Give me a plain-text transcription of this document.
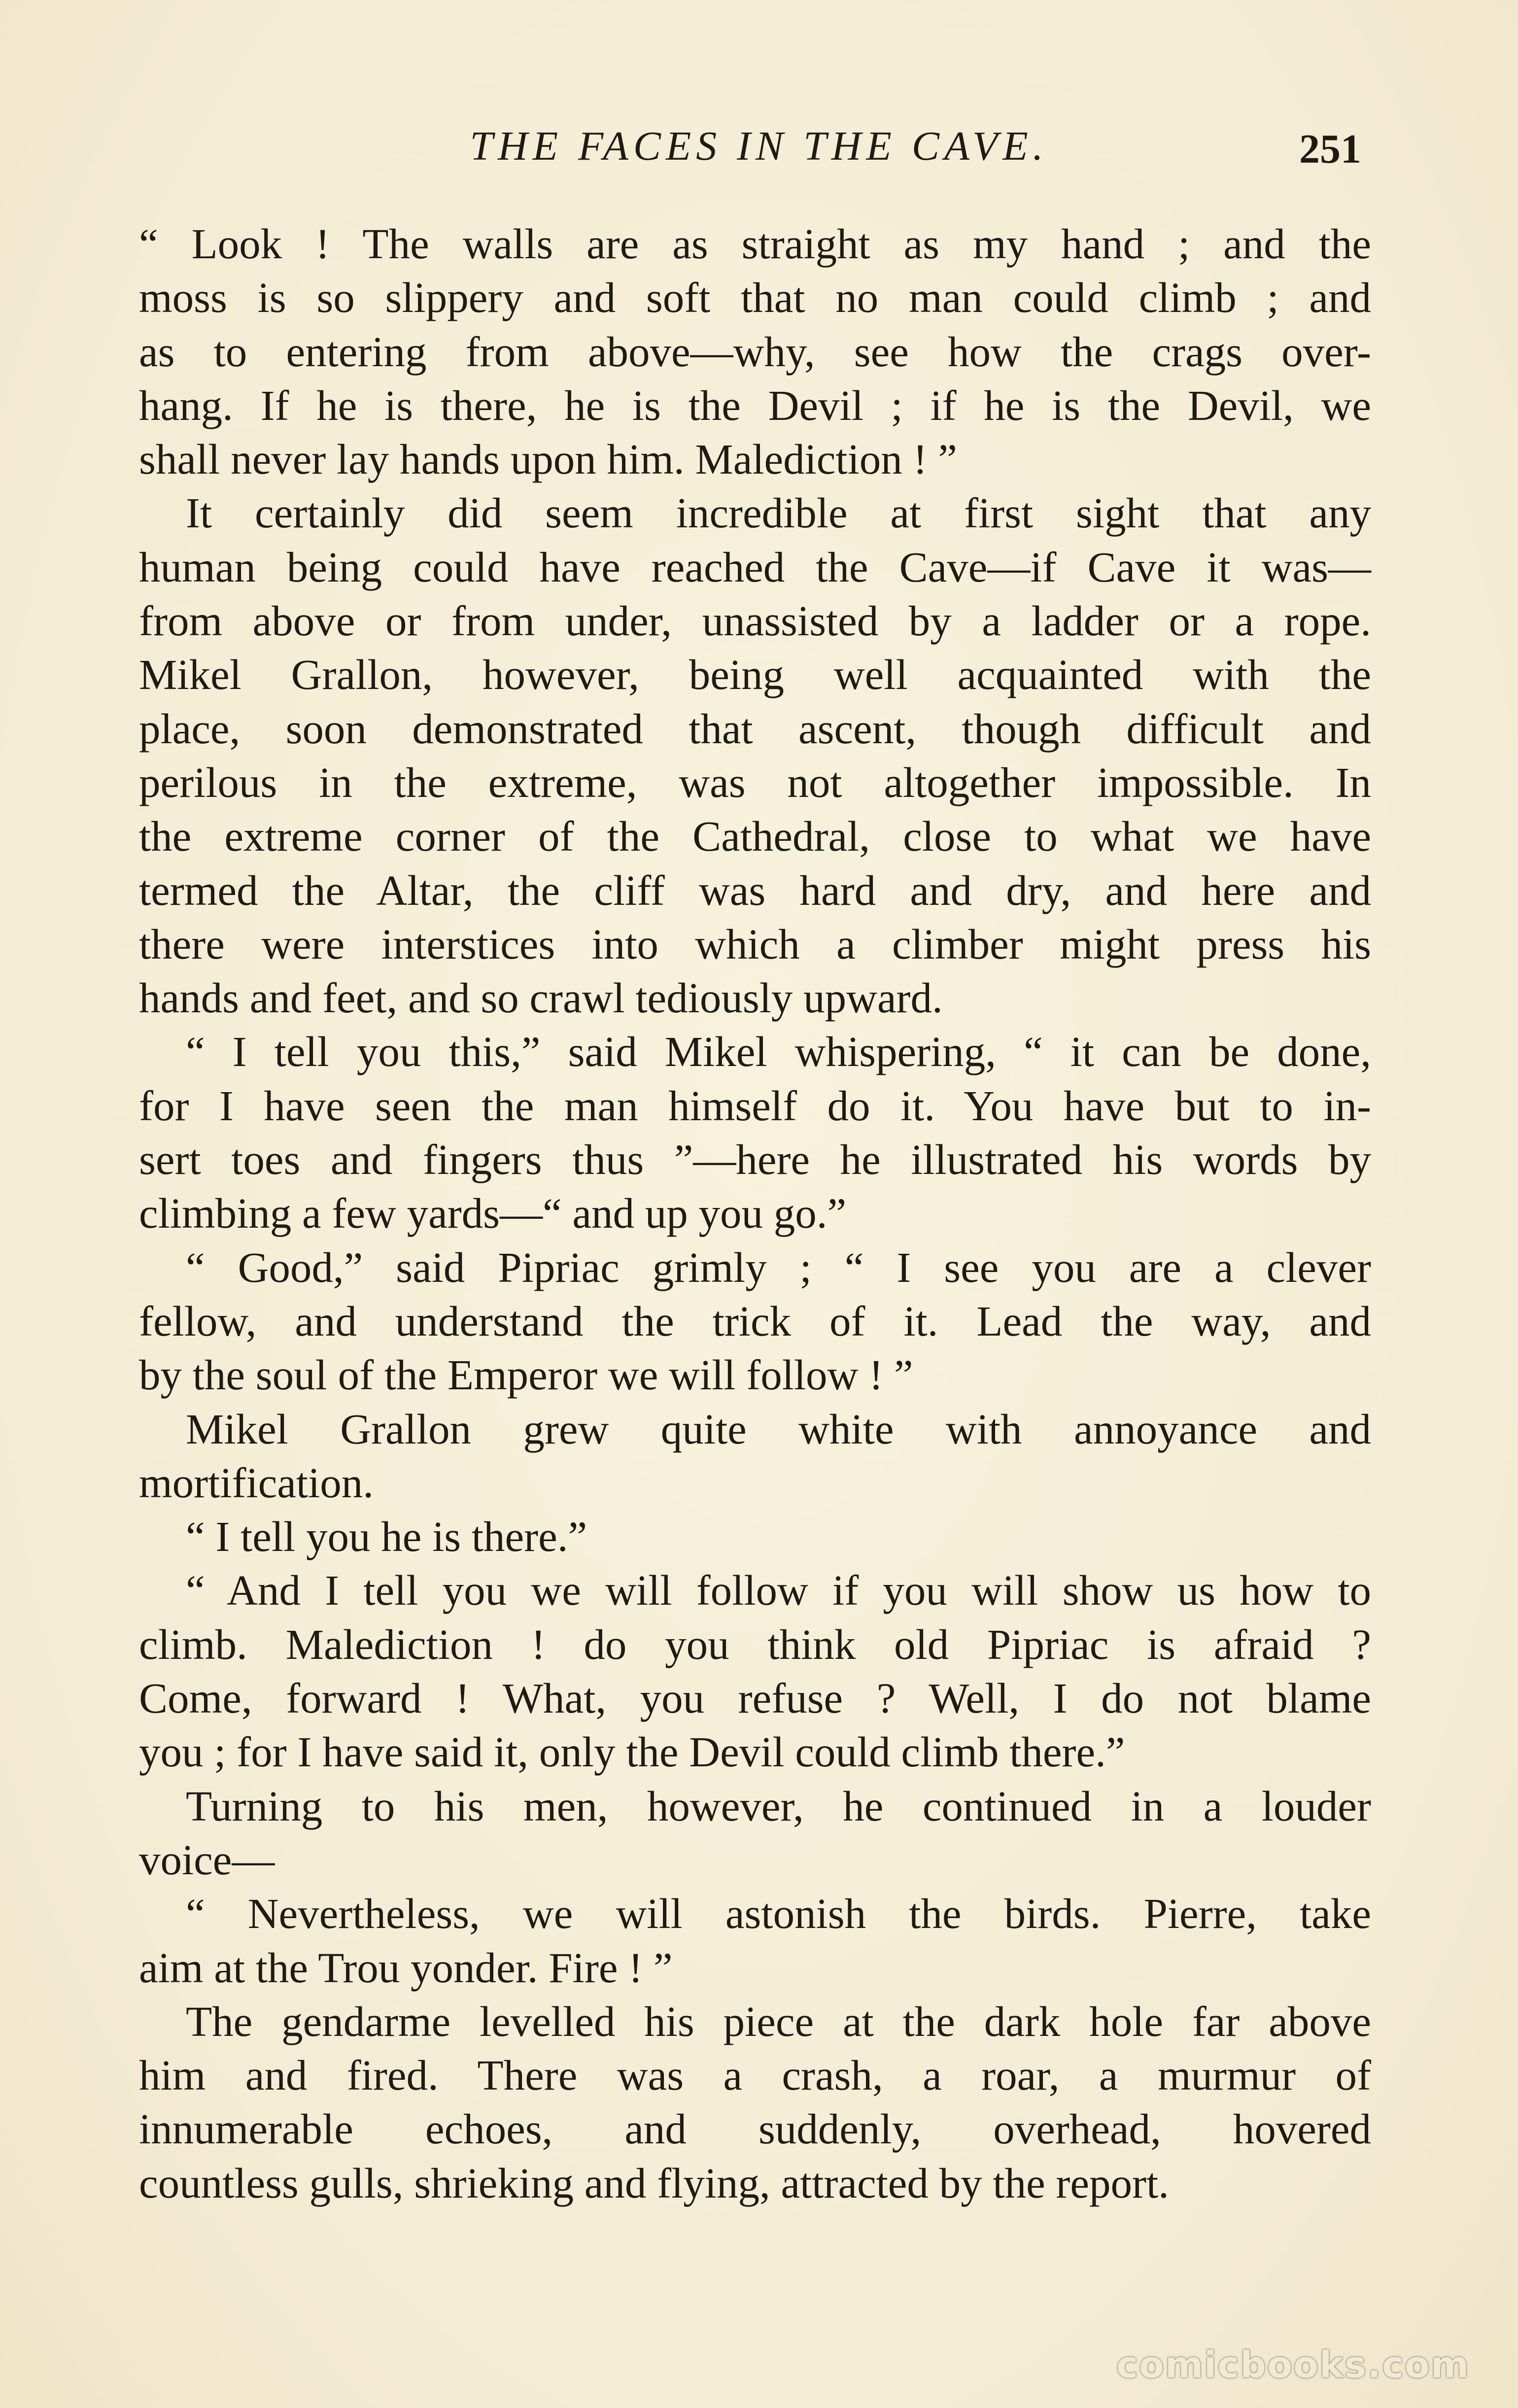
THE FACES IN THE CAVE.	251
“ Look ! The walls are as straight as my hand ; and the
moss is so slippery and soft that no man could climb ; and
as to entering from above—why, see how the crags over-
hang. If he is there, he is the Devil ; if he is the Devil, we
shall never lay hands upon him. Malediction ! ”
It certainly did seem incredible at first sight that any
human being could have reached the Cave—if Cave it was—
from above or from under, unassisted by a ladder or a rope.
Mikel Grallon, however, being well acquainted with the
place, soon demonstrated that ascent, though difficult and
perilous in the extreme, was not altogether impossible. In
the extreme corner of the Cathedral, close to what we have
termed the Altar, the cliff was hard and dry, and here and
there were interstices into which a climber might press his
hands and feet, and so crawl tediously upward.
“ I tell you this,” said Mikel whispering, “ it can be done,
for I have seen the man himself do it. You have but to in-
sert toes and fingers thus ”—here he illustrated his words by
climbing a few yards—“ and up you go.”
“ Good,” said Pipriac grimly ; “ I see you are a clever
fellow, and understand the trick of it. Lead the way, and
by the soul of the Emperor we will follow ! ”
Mikel Grallon grew quite white with annoyance and
mortification.
“ I tell you he is there.”
“ And I tell you we will follow if you will show us how to
climb. Malediction ! do you think old Pipriac is afraid ?
Come, forward ! What, you refuse ? Well, I do not blame
you ; for I have said it, only the Devil could climb there.”
Turning to his men, however, he continued in a louder
voice—
“ Nevertheless, we will astonish the birds. Pierre, take
aim at the Trou yonder. Fire ! ”
The gendarme levelled his piece at the dark hole far above
him and fired. There was a crash, a roar, a murmur of
innumerable echoes, and suddenly, overhead, hovered
countless gulls, shrieking and flying, attracted by the report.
comicbooks.com
